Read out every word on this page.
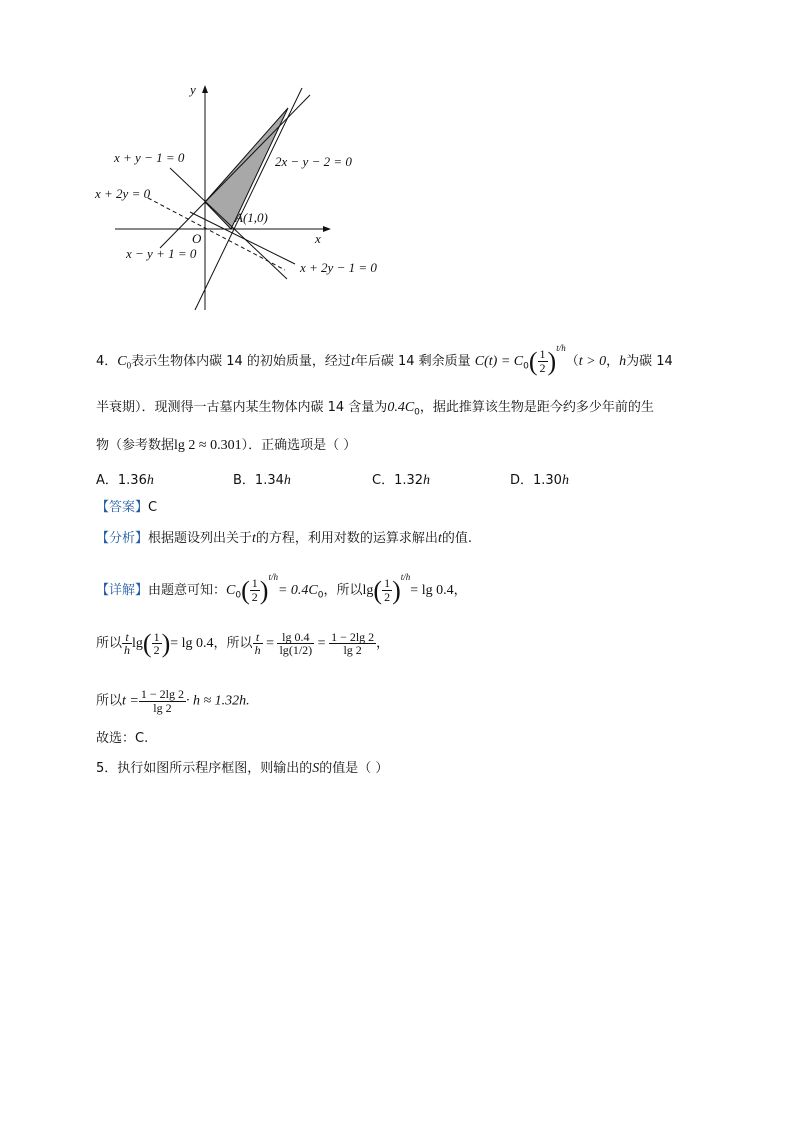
y
x
O
A(1,0)
x + y − 1 = 0	2x − y − 2 = 0
x + 2y = 0
x − y + 1 = 0
x + 2y − 1 = 0
4．$C_0$表示生物体内碳 14 的初始质量，经过t年后碳 14 剩余质量 $C(t) = C_0( \frac{1}{2} )^{t/h}(t > 0$，h为碳 14
半衰期）．现测得一古墓内某生物体内碳 14 含量为$0.4C_0$，据此推算该生物是距今约多少年前的生
物（参考数据lg 2 ≈ 0.301）．正确选项是（ ）
A．1.36h	B．1.34h	C．1.32h	D．1.30h
【答案】C
【分析】根据题设列出关于t的方程，利用对数的运算求解出t的值.
【详解】由题意可知：$C_0( \frac{1}{2} )^{t/h}= 0.4C_0$，所以$\lg( \frac{1}{2} )^{t/h}= \lg 0.4$，
所以 $\frac{t}{h} \lg( \frac{1}{2}$ )= lg 0.4，所以 $\frac{t}{h} = \frac{\lg 0.4}{\lg(1/2)} = \frac{1 - 2\lg 2}{\lg 2}$ ，
所以$t = \frac{1 - 2\lg 2}{\lg 2} \cdot h \approx 1.32h$.
故选：C.
5．执行如图所示程序框图，则输出的S的值是（ ）
